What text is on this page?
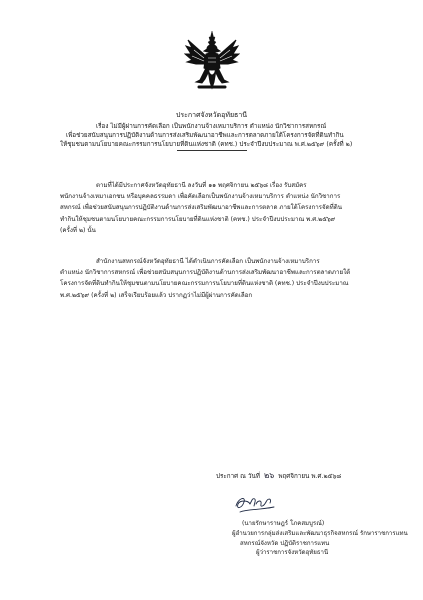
ประกาศจังหวัดอุทัยธานี
เรื่อง ไม่มีผู้ผ่านการคัดเลือก เป็นพนักงานจ้างเหมาบริการ ตำแหน่ง นักวิชาการสหกรณ์
เพื่อช่วยสนับสนุนการปฏิบัติงานด้านการส่งเสริมพัฒนาอาชีพและการตลาดภายใต้โครงการจัดที่ดินทำกิน
ให้ชุมชนตามนโยบายคณะกรรมการนโยบายที่ดินแห่งชาติ (คทช.) ประจำปีงบประมาณ พ.ศ.๒๕๖๙ (ครั้งที่ ๒)
ตามที่ได้มีประกาศจังหวัดอุทัยธานี ลงวันที่ ๑๑ พฤศจิกายน ๒๕๖๘ เรื่อง รับสมัคร
พนักงานจ้างเหมาเอกชน หรือบุคคลธรรมดา เพื่อคัดเลือกเป็นพนักงานจ้างเหมาบริการ ตำแหน่ง นักวิชาการ
สหกรณ์ เพื่อช่วยสนับสนุนการปฏิบัติงานด้านการส่งเสริมพัฒนาอาชีพและการตลาด ภายใต้โครงการจัดที่ดิน
ทำกินให้ชุมชนตามนโยบายคณะกรรมการนโยบายที่ดินแห่งชาติ (คทช.) ประจำปีงบประมาณ พ.ศ.๒๕๖๙
(ครั้งที่ ๒) นั้น
สำนักงานสหกรณ์จังหวัดอุทัยธานี ได้ดำเนินการคัดเลือก เป็นพนักงานจ้างเหมาบริการ
ตำแหน่ง นักวิชาการสหกรณ์ เพื่อช่วยสนับสนุนการปฏิบัติงานด้านการส่งเสริมพัฒนาอาชีพและการตลาดภายใต้
โครงการจัดที่ดินทำกินให้ชุมชนตามนโยบายคณะกรรมการนโยบายที่ดินแห่งชาติ (คทช.) ประจำปีงบประมาณ
พ.ศ.๒๕๖๙ (ครั้งที่ ๒) เสร็จเรียบร้อยแล้ว ปรากฏว่าไม่มีผู้ผ่านการคัดเลือก
ประกาศ ณ วันที่ ๒๖ พฤศจิกายน พ.ศ.๒๕๖๘
(นายรักษาราษฎร์ โภคสมบูรณ์)
ผู้อำนวยการกลุ่มส่งเสริมและพัฒนาธุรกิจสหกรณ์ รักษาราชการแทน
สหกรณ์จังหวัด ปฏิบัติราชการแทน
ผู้ว่าราชการจังหวัดอุทัยธานี
